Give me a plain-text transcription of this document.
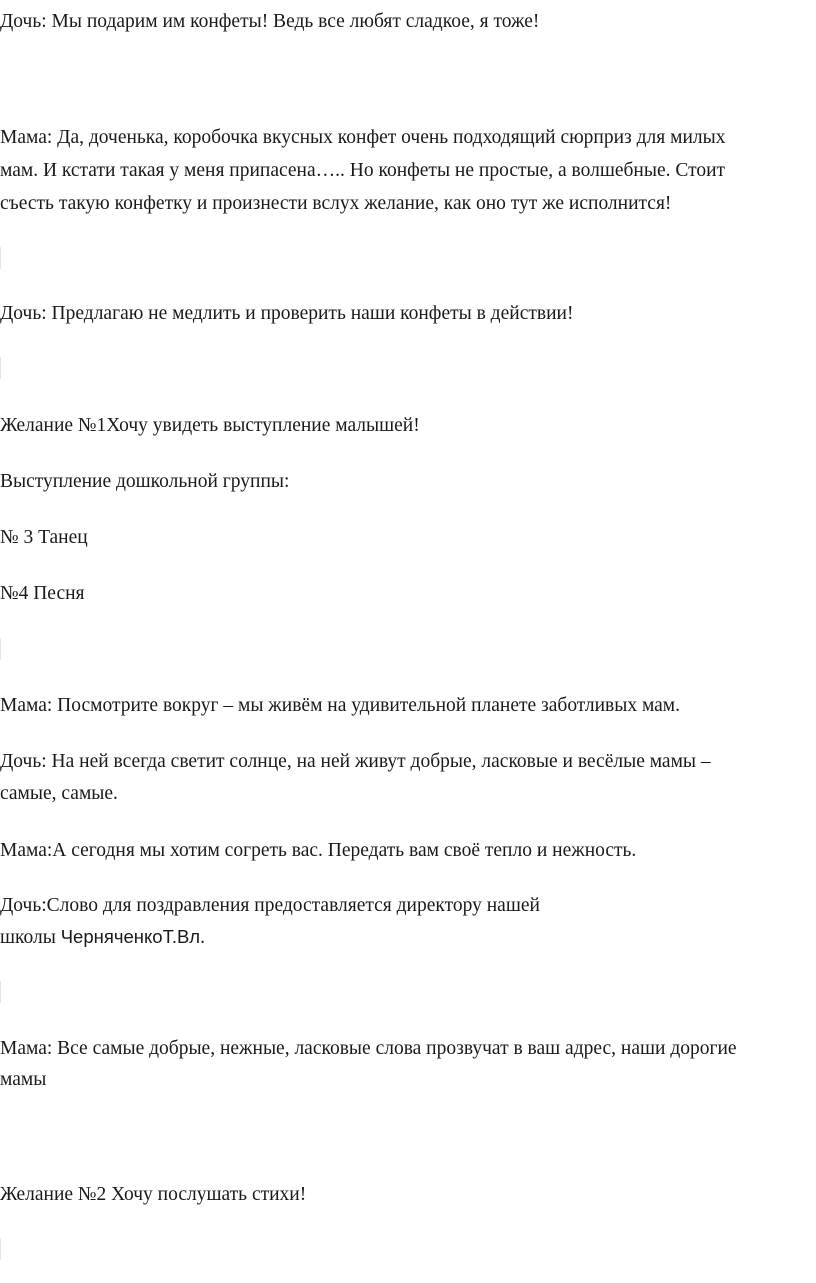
Дочь: Мы подарим им конфеты! Ведь все любят сладкое, я тоже!

Мама: Да, доченька, коробочка вкусных конфет очень подходящий сюрприз для милых

мам. И кстати такая у меня припасена….. Но конфеты не простые, а волшебные. Стоит

съесть такую конфетку и произнести вслух желание, как оно тут же исполнится!

Дочь: Предлагаю не медлить и проверить наши конфеты в действии!

Желание №1Хочу увидеть выступление малышей!

Выступление дошкольной группы:

№ 3 Танец

№4 Песня

Мама: Посмотрите вокруг – мы живём на удивительной планете заботливых мам.

Дочь: На ней всегда светит солнце, на ней живут добрые, ласковые и весёлые мамы –

самые, самые.

Мама:А сегодня мы хотим согреть вас. Передать вам своё тепло и нежность.

Дочь:Слово для поздравления предоставляется директору нашей

школы ЧерняченкоТ.Вл.

Мама: Все самые добрые, нежные, ласковые слова прозвучат в ваш адрес, наши дорогие

мамы

Желание №2 Хочу послушать стихи!
